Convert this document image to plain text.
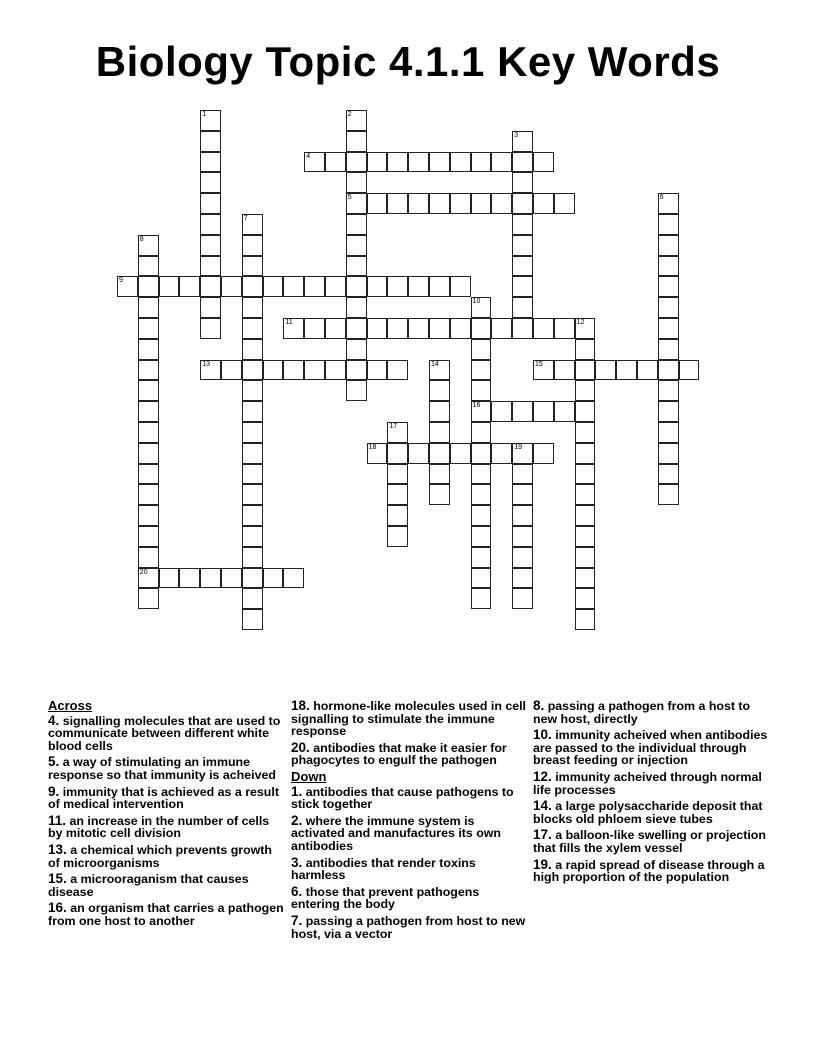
Biology Topic 4.1.1 Key Words
1	2
5
3
4
6
7
8
20
9
10
16
11	12
13	14	15
17
18	19
Across
4. signalling molecules that are used to communicate between different white blood cells
5. a way of stimulating an immune response so that immunity is acheived
9. immunity that is achieved as a result of medical intervention
11. an increase in the number of cells by mitotic cell division
13. a chemical which prevents growth of microorganisms
15. a microoraganism that causes disease
16. an organism that carries a pathogen from one host to another
18. hormone-like molecules used in cell signalling to stimulate the immune response
20. antibodies that make it easier for phagocytes to engulf the pathogen
Down
1. antibodies that cause pathogens to stick together
2. where the immune system is activated and manufactures its own antibodies
3. antibodies that render toxins harmless
6. those that prevent pathogens entering the body
7. passing a pathogen from host to new host, via a vector
8. passing a pathogen from a host to new host, directly
10. immunity acheived when antibodies are passed to the individual through breast feeding or injection
12. immunity acheived through normal life processes
14. a large polysaccharide deposit that blocks old phloem sieve tubes
17. a balloon-like swelling or projection that fills the xylem vessel
19. a rapid spread of disease through a high proportion of the population
